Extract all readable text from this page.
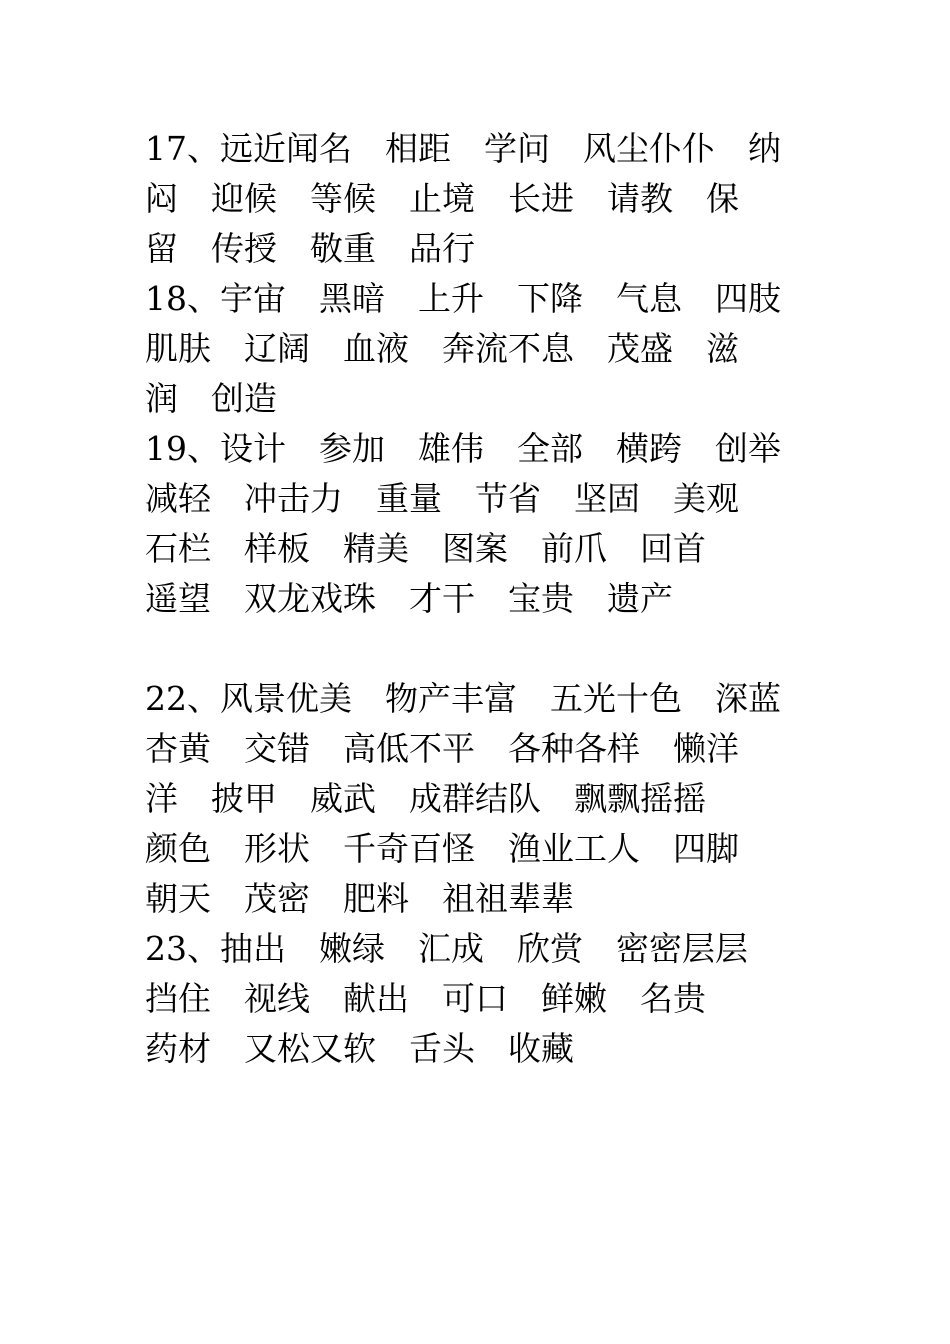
17、远近闻名　相距　学问　风尘仆仆　纳
闷　迎候　等候　止境　长进　请教　保
留　传授　敬重　品行
18、宇宙　黑暗　上升　下降　气息　四肢
肌肤　辽阔　血液　奔流不息　茂盛　滋
润　创造
19、设计　参加　雄伟　全部　横跨　创举
减轻　冲击力　重量　节省　坚固　美观
石栏　样板　精美　图案　前爪　回首
遥望　双龙戏珠　才干　宝贵　遗产
22、风景优美　物产丰富　五光十色　深蓝
杏黄　交错　高低不平　各种各样　懒洋
洋　披甲　威武　成群结队　飘飘摇摇
颜色　形状　千奇百怪　渔业工人　四脚
朝天　茂密　肥料　祖祖辈辈
23、抽出　嫩绿　汇成　欣赏　密密层层
挡住　视线　献出　可口　鲜嫩　名贵
药材　又松又软　舌头　收藏
